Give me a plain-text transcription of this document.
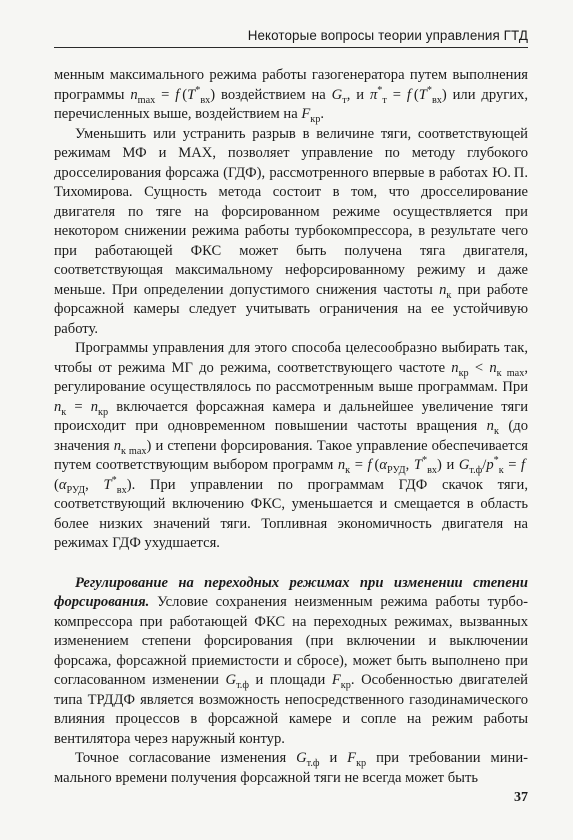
Некоторые вопросы теории управления ГТД

менным максимального режима работы газогенератора путем выполнения программы $n_{max} = f$ $(T^*_{вх})$ воздействием на $G_т$, и $\pi^*_т = f$ $(T^*_{вх})$ или других, перечисленных выше, воздействием на $F_{кр}$.

Уменьшить или устранить разрыв в величине тяги, соответствующей режимам МФ и МАХ, позволяет управление по методу глубокого дросселирования форсажа (ГДФ), рассмотренного впервые в работах Ю. П. Тихомирова. Сущность метода состоит в том, что дросселирование двигателя по тяге на форсированном режиме осуществляется при некотором снижении режима работы турбокомпрессора, в результате чего при работающей ФКС может быть получена тяга двигателя, соответствующая максимальному нефорсированному режиму и даже меньше. При определении допустимого снижения частоты $n_к$ при работе форсажной камеры следует учитывать ограничения на ее устойчивую работу.

Программы управления для этого способа целесообразно выбирать так, чтобы от режима МГ до режима, соответствующего частоте $n_{кр} < n_{к max}$, регулирование осуществлялось по рассмотренным выше программам. При $n_к = n_{кр}$ включается форсажная камера и дальнейшее увеличение тяги происходит при одновременном повышении частоты вращения $n_к$ (до значения $n_{к max}$) и степени форсирования. Такое управление обеспечивается путем соответствующим выбором программ $n_к = f$ ($\alpha_{РУД}$, $T^*_{вх}$) и $G_{т.ф}/p^*_к = f$ ($\alpha_{РУД}$, $T^*_{вх}$). При управлении по программам ГДФ скачок тяги, соответствующий включению ФКС, уменьшается и смещается в область более низких значений тяги. Топливная экономичность двигателя на режимах ГДФ ухудшается.

Регулирование на переходных режимах при изменении степени форсирования. Условие сохранения неизменным режима работы турбокомпрессора при работающей ФКС на переходных режимах, вызванных изменением степени форсирования (при включении и выключении форсажа, форсажной приемистости и сбросе), может быть выполнено при согласованном изменении $G_{т.ф}$ и площади $F_{кр}$. Особенностью двигателей типа ТРДДФ является возможность непосредственного газодинамического влияния процессов в форсажной камере и сопле на режим работы вентилятора через наружный контур.

Точное согласование изменения $G_{т.ф}$ и $F_{кр}$ при требовании минимального времени получения форсажной тяги не всегда может быть

37
